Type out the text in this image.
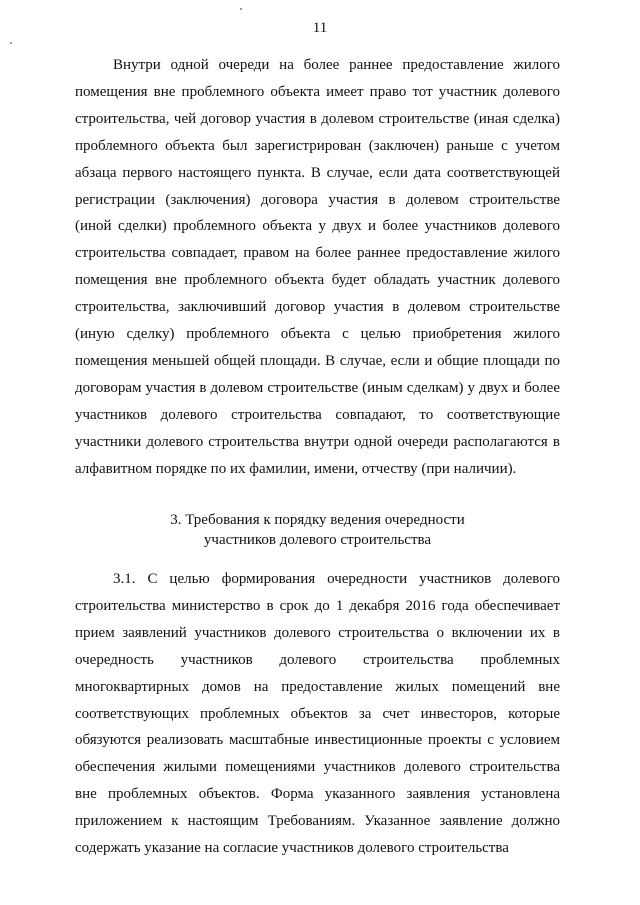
11

Внутри одной очереди на более раннее предоставление жилого помещения вне проблемного объекта имеет право тот участник долевого строительства, чей договор участия в долевом строительстве (иная сделка) проблемного объекта был зарегистрирован (заключен) раньше с учетом абзаца первого настоящего пункта. В случае, если дата соответствующей регистрации (заключения) договора участия в долевом строительстве (иной сделки) проблемного объекта у двух и более участников долевого строительства совпадает, правом на более раннее предоставление жилого помещения вне проблемного объекта будет обладать участник долевого строительства, заключивший договор участия в долевом строительстве (иную сделку) проблемного объекта с целью приобретения жилого помещения меньшей общей площади. В случае, если и общие площади по договорам участия в долевом строительстве (иным сделкам) у двух и более участников долевого строительства совпадают, то соответствующие участники долевого строительства внутри одной очереди располагаются в алфавитном порядке по их фамилии, имени, отчеству (при наличии).

3. Требования к порядку ведения очередности
участников долевого строительства

3.1. С целью формирования очередности участников долевого строительства министерство в срок до 1 декабря 2016 года обеспечивает прием заявлений участников долевого строительства о включении их в очередность участников долевого строительства проблемных многоквартирных домов на предоставление жилых помещений вне соответствующих проблемных объектов за счет инвесторов, которые обязуются реализовать масштабные инвестиционные проекты с условием обеспечения жилыми помещениями участников долевого строительства вне проблемных объектов. Форма указанного заявления установлена приложением к настоящим Требованиям. Указанное заявление должно содержать указание на согласие участников долевого строительства
